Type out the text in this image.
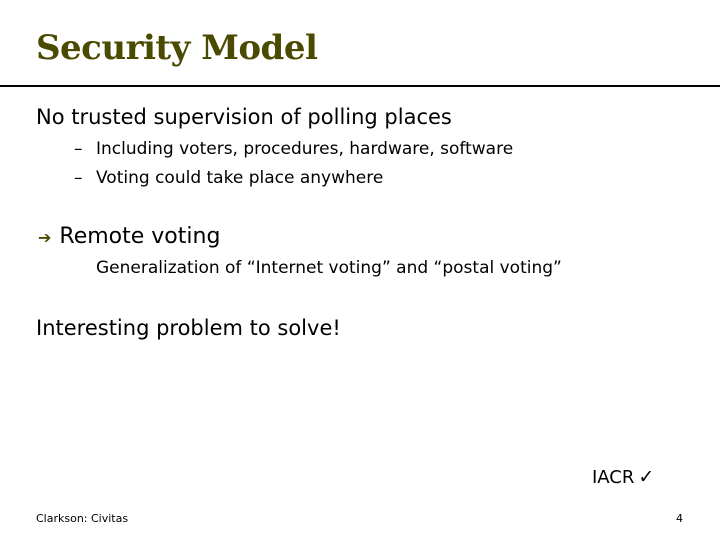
Security Model
No trusted supervision of polling places
– Including voters, procedures, hardware, software
– Voting could take place anywhere
➔ Remote voting
Generalization of “Internet voting” and “postal voting”
Interesting problem to solve!
IACR ✓
Clarkson: Civitas	4
